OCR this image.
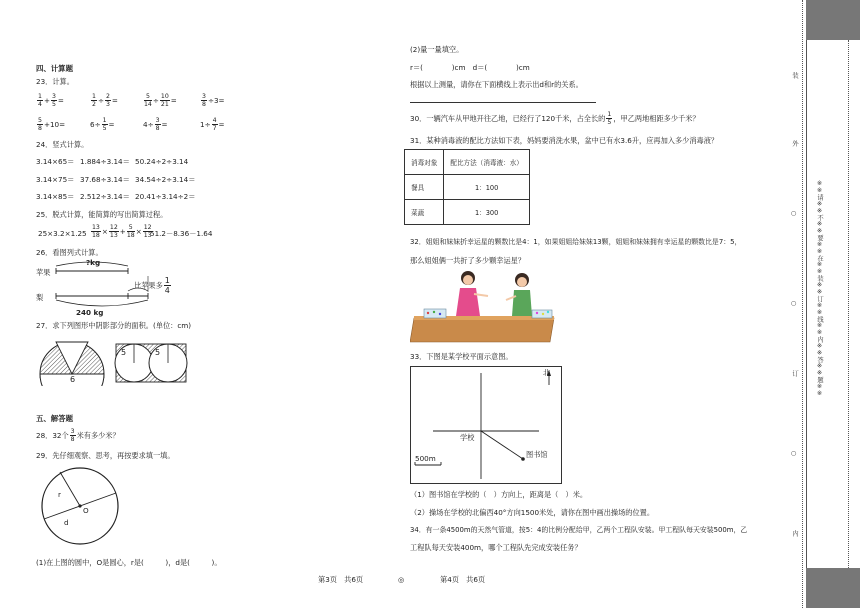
四、计算题
23．计算。
$\frac{1}{4} + \frac{3}{5}$ =	$\frac{1}{2} \div \frac{2}{3}$ =	$\frac{5}{14} \div \frac{10}{21}$ =	$\frac{3}{8} \div 3$ =
$\frac{5}{8} +10$ =	$6\div \frac{1}{5}$ =	$4\div \frac{3}{8}$ =	$1\div \frac{4}{7}$ =
24．竖式计算。
3.14×65＝ 1.884÷3.14＝ 50.24÷2÷3.14
3.14×75＝ 37.68÷3.14＝ 34.54÷2÷3.14＝
3.14×85＝ 2.512÷3.14＝ 20.41÷3.14÷2＝
25．脱式计算，能简算的写出简算过程。
$25\times 3.2\times 1.25 \frac{13}{18} \times \frac{12}{13} + \frac{5}{18} \times \frac{12}{13}$
51.2－8.36－1.64
26．看图列式计算。
苹果
梨
?kg
比苹果多 $\frac{1}{4}$
240 kg
27．求下列图形中阴影部分的面积。(单位：cm)
6
5	5
五、解答题
28．32个 $\frac{3}{8}$ 米有多少米？
29．先仔细观察、思考，再按要求填一填。
r
d
O
(1)在上图的圆中，O是圆心，r是(　　　)，d是(　　　)。
(2)量一量填空。
r＝(　　　　)cm　d＝(　　　　)cm
根据以上测量，请你在下面横线上表示出d和r的关系。
30．一辆汽车从甲地开往乙地，已经行了120千米，占全长的 $\frac{1}{5}$ ，甲乙两地相距多少千米？
31．某种消毒液的配比方法如下表，妈妈要消洗水果，盆中已有水3.6升，应再加入多少消毒液？
消毒对象	配比方法（消毒液：水）
餐具	1：100
菜蔬	1：300
32．姐姐和妹妹折幸运星的颗数比是4：1，如果姐姐给妹妹13颗，姐姐和妹妹拥有幸运星的颗数比是7：5，
那么姐姐俩一共折了多少颗幸运星？
33．下图是某学校平面示意图。
北
学校
图书馆
500m
（1）图书馆在学校的（　）方向上，距离是（　）米。
（2）操场在学校的北偏西40°方向1500米处，请你在图中画出操场的位置。
34．有一条4500m的天然气管道，按5：4的比例分配给甲，乙两个工程队安装。甲工程队每天安装500m，乙
工程队每天安装400m，哪个工程队先完成安装任务？
第3页　共6页	◎	第4页　共6页
※※请※※不※※要※※在※※装※※订※※线※※内※※答※※题※※
外
○
装
○
订
○
内
